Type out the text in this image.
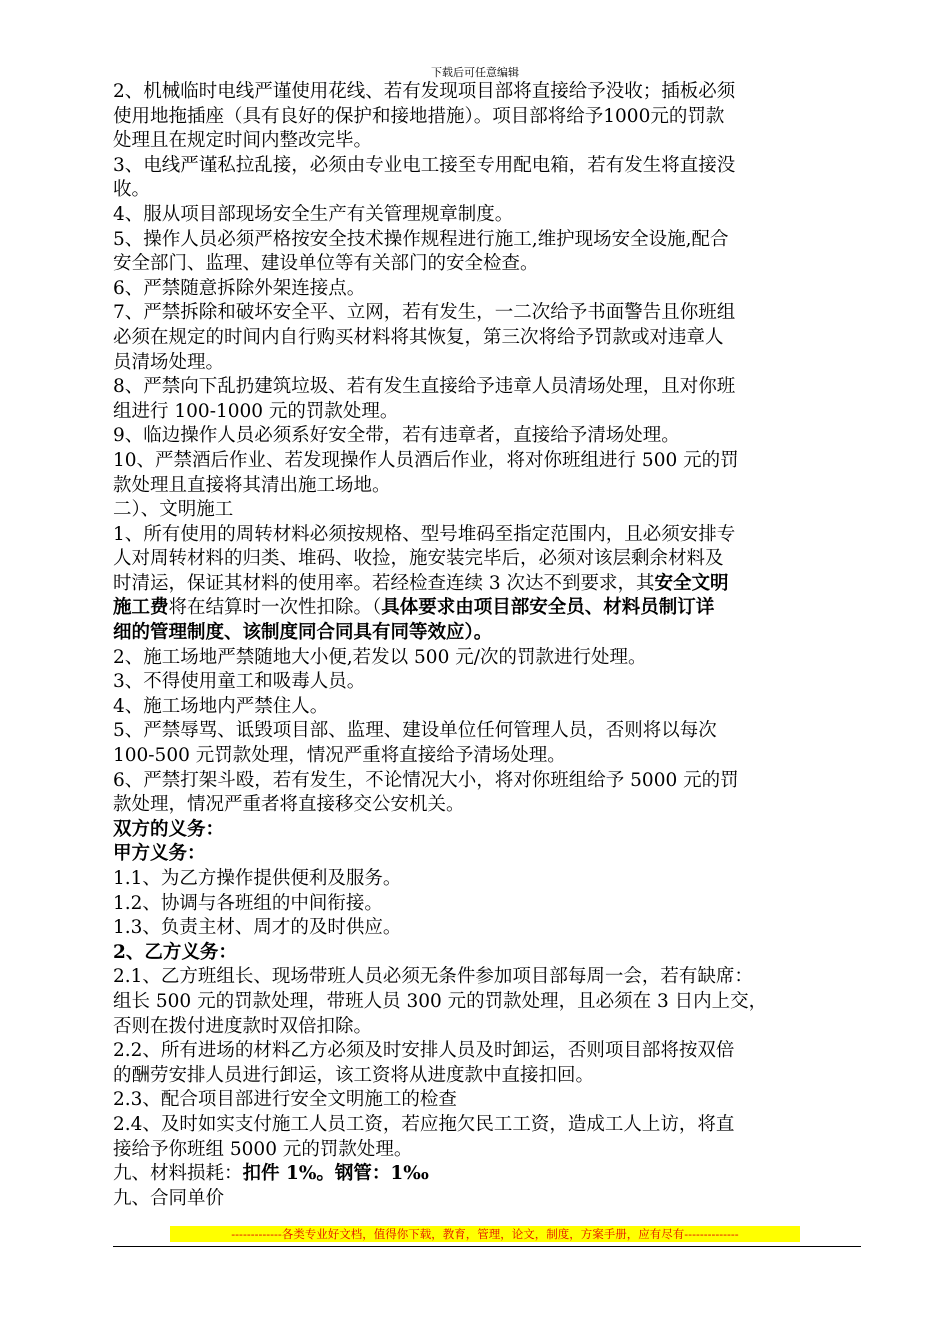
下载后可任意编辑

2、机械临时电线严谨使用花线、若有发现项目部将直接给予没收；插板必须

使用地拖插座（具有良好的保护和接地措施）。项目部将给予1000元的罚款

处理且在规定时间内整改完毕。

3、电线严谨私拉乱接，必须由专业电工接至专用配电箱，若有发生将直接没

收。

4、服从项目部现场安全生产有关管理规章制度。

5、操作人员必须严格按安全技术操作规程进行施工,维护现场安全设施,配合

安全部门、监理、建设单位等有关部门的安全检查。

6、严禁随意拆除外架连接点。

7、严禁拆除和破坏安全平、立网，若有发生，一二次给予书面警告且你班组

必须在规定的时间内自行购买材料将其恢复，第三次将给予罚款或对违章人

员清场处理。

8、严禁向下乱扔建筑垃圾、若有发生直接给予违章人员清场处理，且对你班

组进行 100-1000 元的罚款处理。

9、临边操作人员必须系好安全带，若有违章者，直接给予清场处理。

10、严禁酒后作业、若发现操作人员酒后作业，将对你班组进行 500 元的罚

款处理且直接将其清出施工场地。

二）、文明施工

1、所有使用的周转材料必须按规格、型号堆码至指定范围内，且必须安排专

人对周转材料的归类、堆码、收捡，施安装完毕后，必须对该层剩余材料及

时清运，保证其材料的使用率。若经检查连续 3 次达不到要求，其安全文明

施工费将在结算时一次性扣除。（具体要求由项目部安全员、材料员制订详

细的管理制度、该制度同合同具有同等效应）。

2、施工场地严禁随地大小便,若发以 500 元/次的罚款进行处理。

3、不得使用童工和吸毒人员。

4、施工场地内严禁住人。

5、严禁辱骂、诋毁项目部、监理、建设单位任何管理人员，否则将以每次

100-500 元罚款处理，情况严重将直接给予清场处理。

6、严禁打架斗殴，若有发生，不论情况大小，将对你班组给予 5000 元的罚

款处理，情况严重者将直接移交公安机关。

双方的义务：

甲方义务：

1.1、为乙方操作提供便利及服务。

1.2、协调与各班组的中间衔接。

1.3、负责主材、周才的及时供应。

2、乙方义务：

2.1、乙方班组长、现场带班人员必须无条件参加项目部每周一会，若有缺席：

组长 500 元的罚款处理，带班人员 300 元的罚款处理，且必须在 3 日内上交，

否则在拨付进度款时双倍扣除。

2.2、所有进场的材料乙方必须及时安排人员及时卸运，否则项目部将按双倍

的酬劳安排人员进行卸运，该工资将从进度款中直接扣回。

2.3、配合项目部进行安全文明施工的检查

2.4、及时如实支付施工人员工资，若应拖欠民工工资，造成工人上访，将直

接给予你班组 5000 元的罚款处理。

九、材料损耗：扣件 1%。钢管：1‰

九、合同单价

-------------各类专业好文档，值得你下载，教育，管理，论文，制度，方案手册，应有尽有--------------
